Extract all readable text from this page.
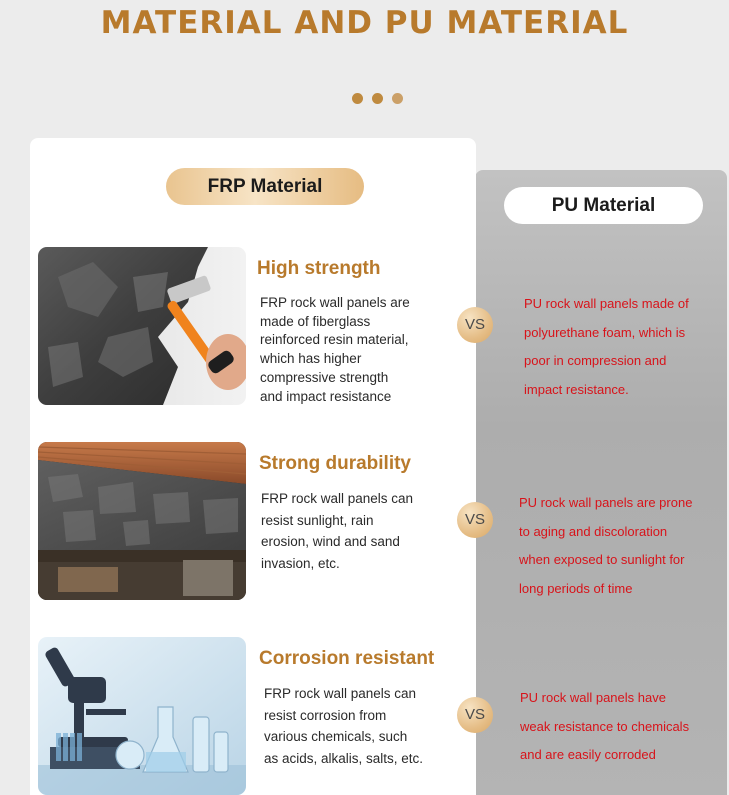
MATERIAL AND PU MATERIAL
FRP Material
PU Material
High strength
FRP rock wall panels are
made of fiberglass
reinforced resin material,
which has higher
compressive strength
and impact resistance
VS
PU rock wall panels made of
polyurethane foam, which is
poor in compression and
impact resistance.
Strong durability
FRP rock wall panels can
resist sunlight, rain
erosion, wind and sand
invasion, etc.
VS
PU rock wall panels are prone
to aging and discoloration
when exposed to sunlight for
long periods of time
Corrosion resistant
FRP rock wall panels can
resist corrosion from
various chemicals, such
as acids, alkalis, salts, etc.
VS
PU rock wall panels have
weak resistance to chemicals
and are easily corroded
